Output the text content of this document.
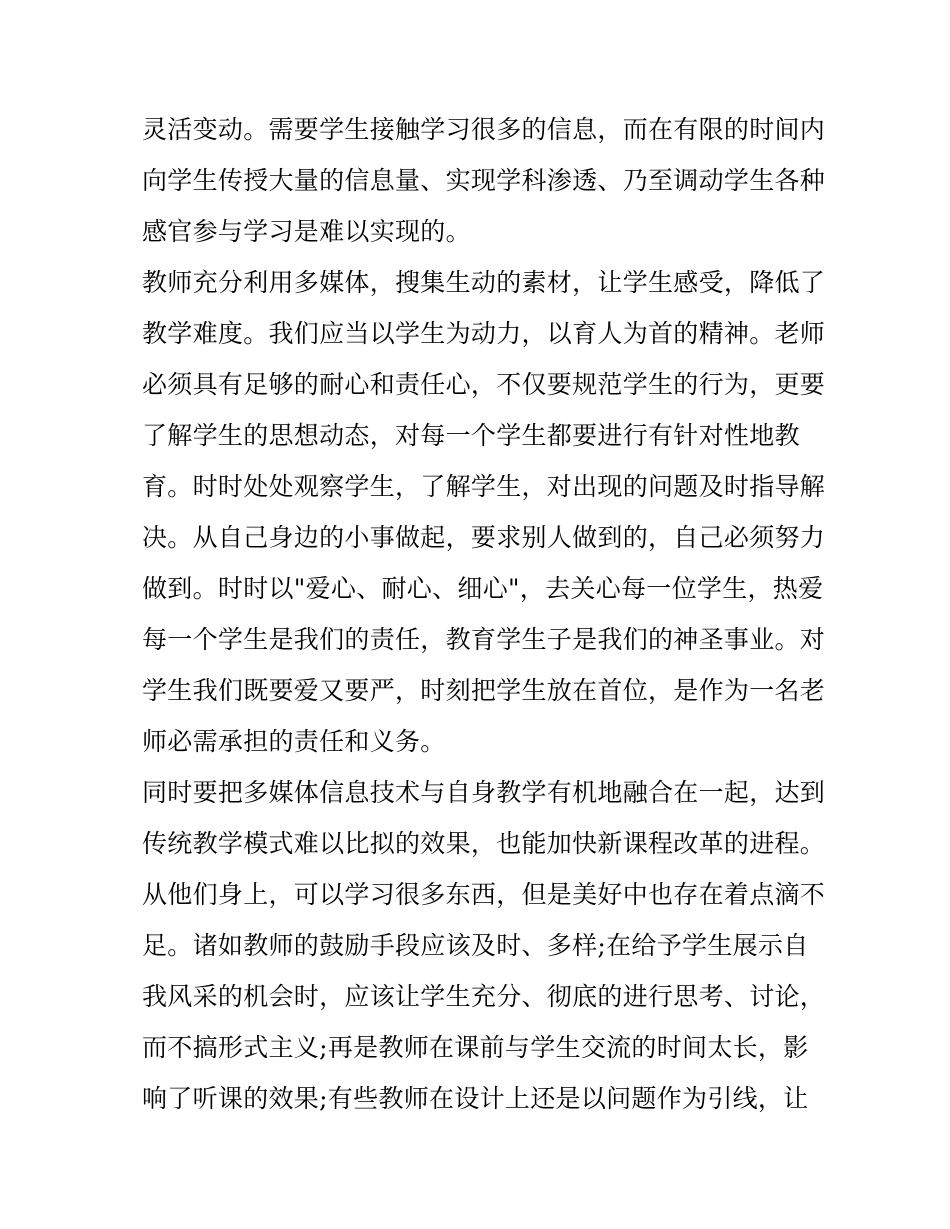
灵活变动。需要学生接触学习很多的信息，而在有限的时间内
向学生传授大量的信息量、实现学科渗透、乃至调动学生各种
感官参与学习是难以实现的。
教师充分利用多媒体，搜集生动的素材，让学生感受，降低了
教学难度。我们应当以学生为动力，以育人为首的精神。老师
必须具有足够的耐心和责任心，不仅要规范学生的行为，更要
了解学生的思想动态，对每一个学生都要进行有针对性地教
育。时时处处观察学生，了解学生，对出现的问题及时指导解
决。从自己身边的小事做起，要求别人做到的，自己必须努力
做到。时时以"爱心、耐心、细心"，去关心每一位学生，热爱
每一个学生是我们的责任，教育学生子是我们的神圣事业。对
学生我们既要爱又要严，时刻把学生放在首位，是作为一名老
师必需承担的责任和义务。
同时要把多媒体信息技术与自身教学有机地融合在一起，达到
传统教学模式难以比拟的效果，也能加快新课程改革的进程。
从他们身上，可以学习很多东西，但是美好中也存在着点滴不
足。诸如教师的鼓励手段应该及时、多样;在给予学生展示自
我风采的机会时，应该让学生充分、彻底的进行思考、讨论，
而不搞形式主义;再是教师在课前与学生交流的时间太长，影
响了听课的效果;有些教师在设计上还是以问题作为引线，让
